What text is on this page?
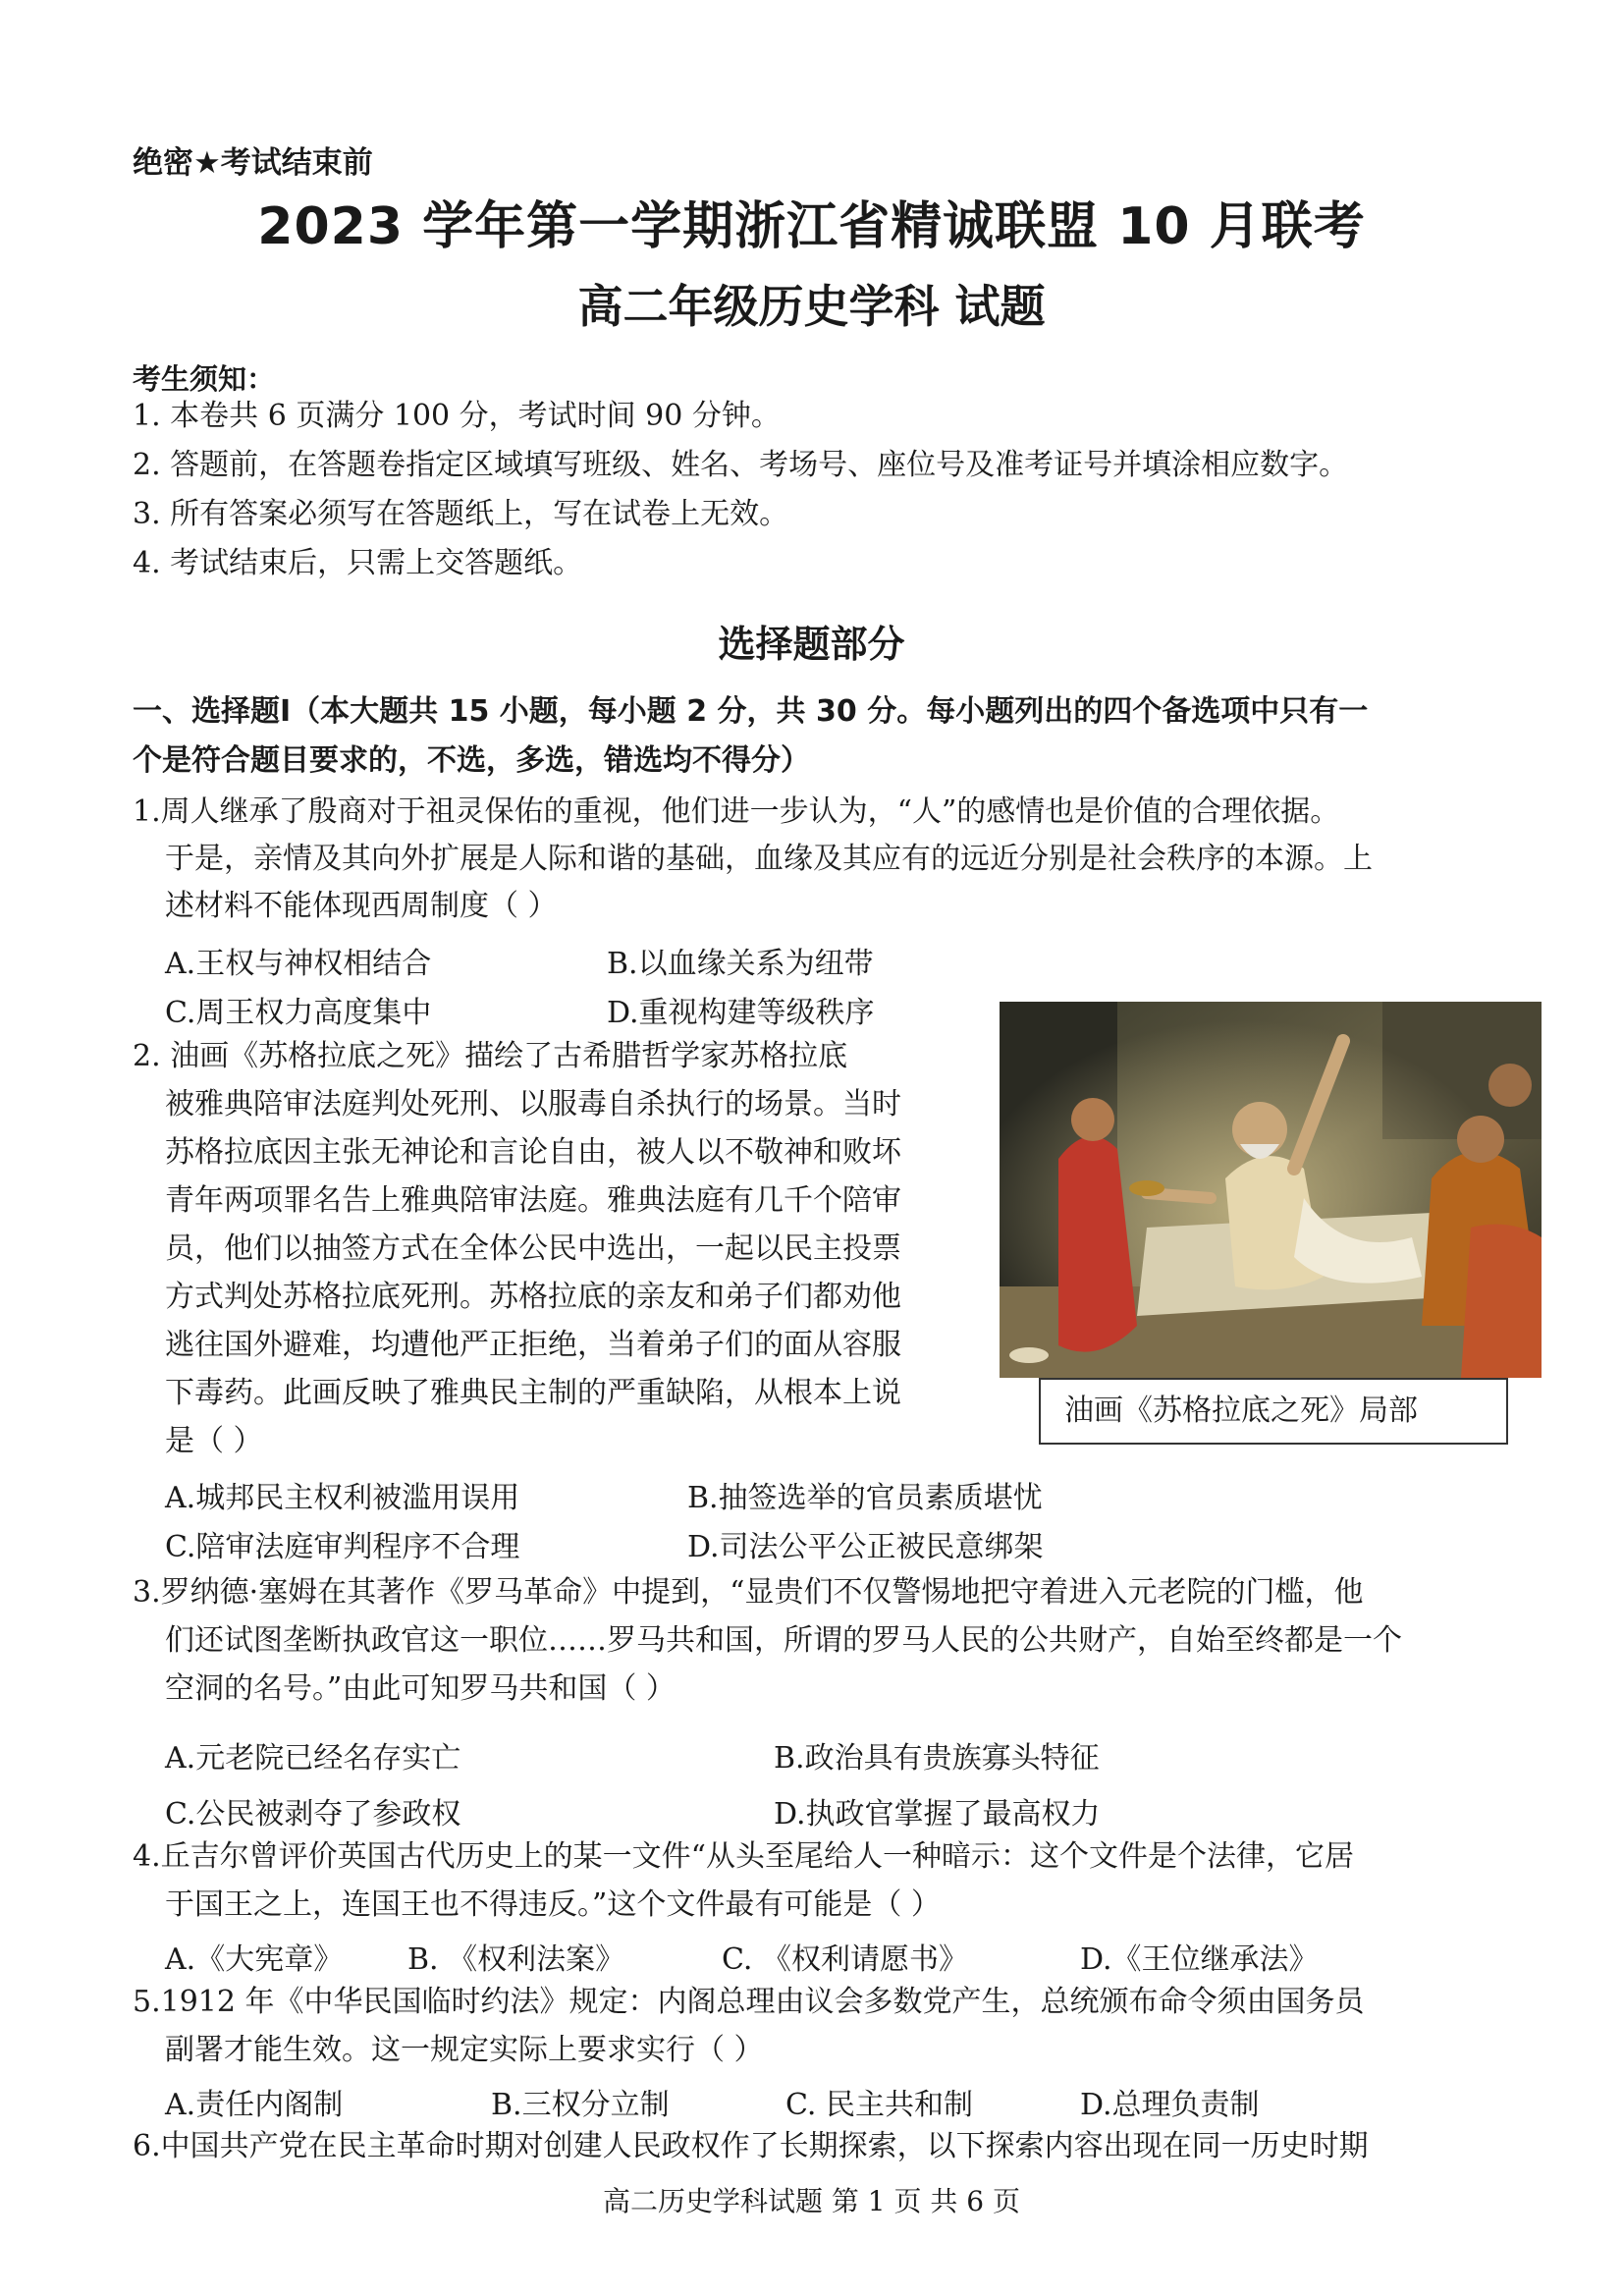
绝密★考试结束前
2023 学年第一学期浙江省精诚联盟 10 月联考
高二年级历史学科 试题
考生须知：
1. 本卷共 6 页满分 100 分，考试时间 90 分钟。
2. 答题前，在答题卷指定区域填写班级、姓名、考场号、座位号及准考证号并填涂相应数字。
3. 所有答案必须写在答题纸上，写在试卷上无效。
4. 考试结束后，只需上交答题纸。
选择题部分
一、选择题Ⅰ（本大题共 15 小题，每小题 2 分，共 30 分。每小题列出的四个备选项中只有一
个是符合题目要求的，不选，多选，错选均不得分）
1.周人继承了殷商对于祖灵保佑的重视，他们进一步认为，“人”的感情也是价值的合理依据。
于是，亲情及其向外扩展是人际和谐的基础，血缘及其应有的远近分别是社会秩序的本源。上
述材料不能体现西周制度（ ）
A.王权与神权相结合	B.以血缘关系为纽带
C.周王权力高度集中	D.重视构建等级秩序
2. 油画《苏格拉底之死》描绘了古希腊哲学家苏格拉底
被雅典陪审法庭判处死刑、以服毒自杀执行的场景。当时
苏格拉底因主张无神论和言论自由，被人以不敬神和败坏
青年两项罪名告上雅典陪审法庭。雅典法庭有几千个陪审
员，他们以抽签方式在全体公民中选出，一起以民主投票
方式判处苏格拉底死刑。苏格拉底的亲友和弟子们都劝他
逃往国外避难，均遭他严正拒绝，当着弟子们的面从容服
下毒药。此画反映了雅典民主制的严重缺陷，从根本上说
是（ ）
A.城邦民主权利被滥用误用	B.抽签选举的官员素质堪忧
C.陪审法庭审判程序不合理	D.司法公平公正被民意绑架
油画《苏格拉底之死》局部
3.罗纳德·塞姆在其著作《罗马革命》中提到，“显贵们不仅警惕地把守着进入元老院的门槛，他
们还试图垄断执政官这一职位……罗马共和国，所谓的罗马人民的公共财产，自始至终都是一个
空洞的名号。”由此可知罗马共和国（ ）
A.元老院已经名存实亡	B.政治具有贵族寡头特征
C.公民被剥夺了参政权	D.执政官掌握了最高权力
4.丘吉尔曾评价英国古代历史上的某一文件“从头至尾给人一种暗示：这个文件是个法律，它居
于国王之上，连国王也不得违反。”这个文件最有可能是（ ）
A.《大宪章》 B. 《权利法案》	C. 《权利请愿书》	D.《王位继承法》
5.1912 年《中华民国临时约法》规定：内阁总理由议会多数党产生，总统颁布命令须由国务员
副署才能生效。这一规定实际上要求实行（ ）
A.责任内阁制	B.三权分立制	C. 民主共和制	D.总理负责制
6.中国共产党在民主革命时期对创建人民政权作了长期探索，以下探索内容出现在同一历史时期
高二历史学科试题 第 1 页 共 6 页
